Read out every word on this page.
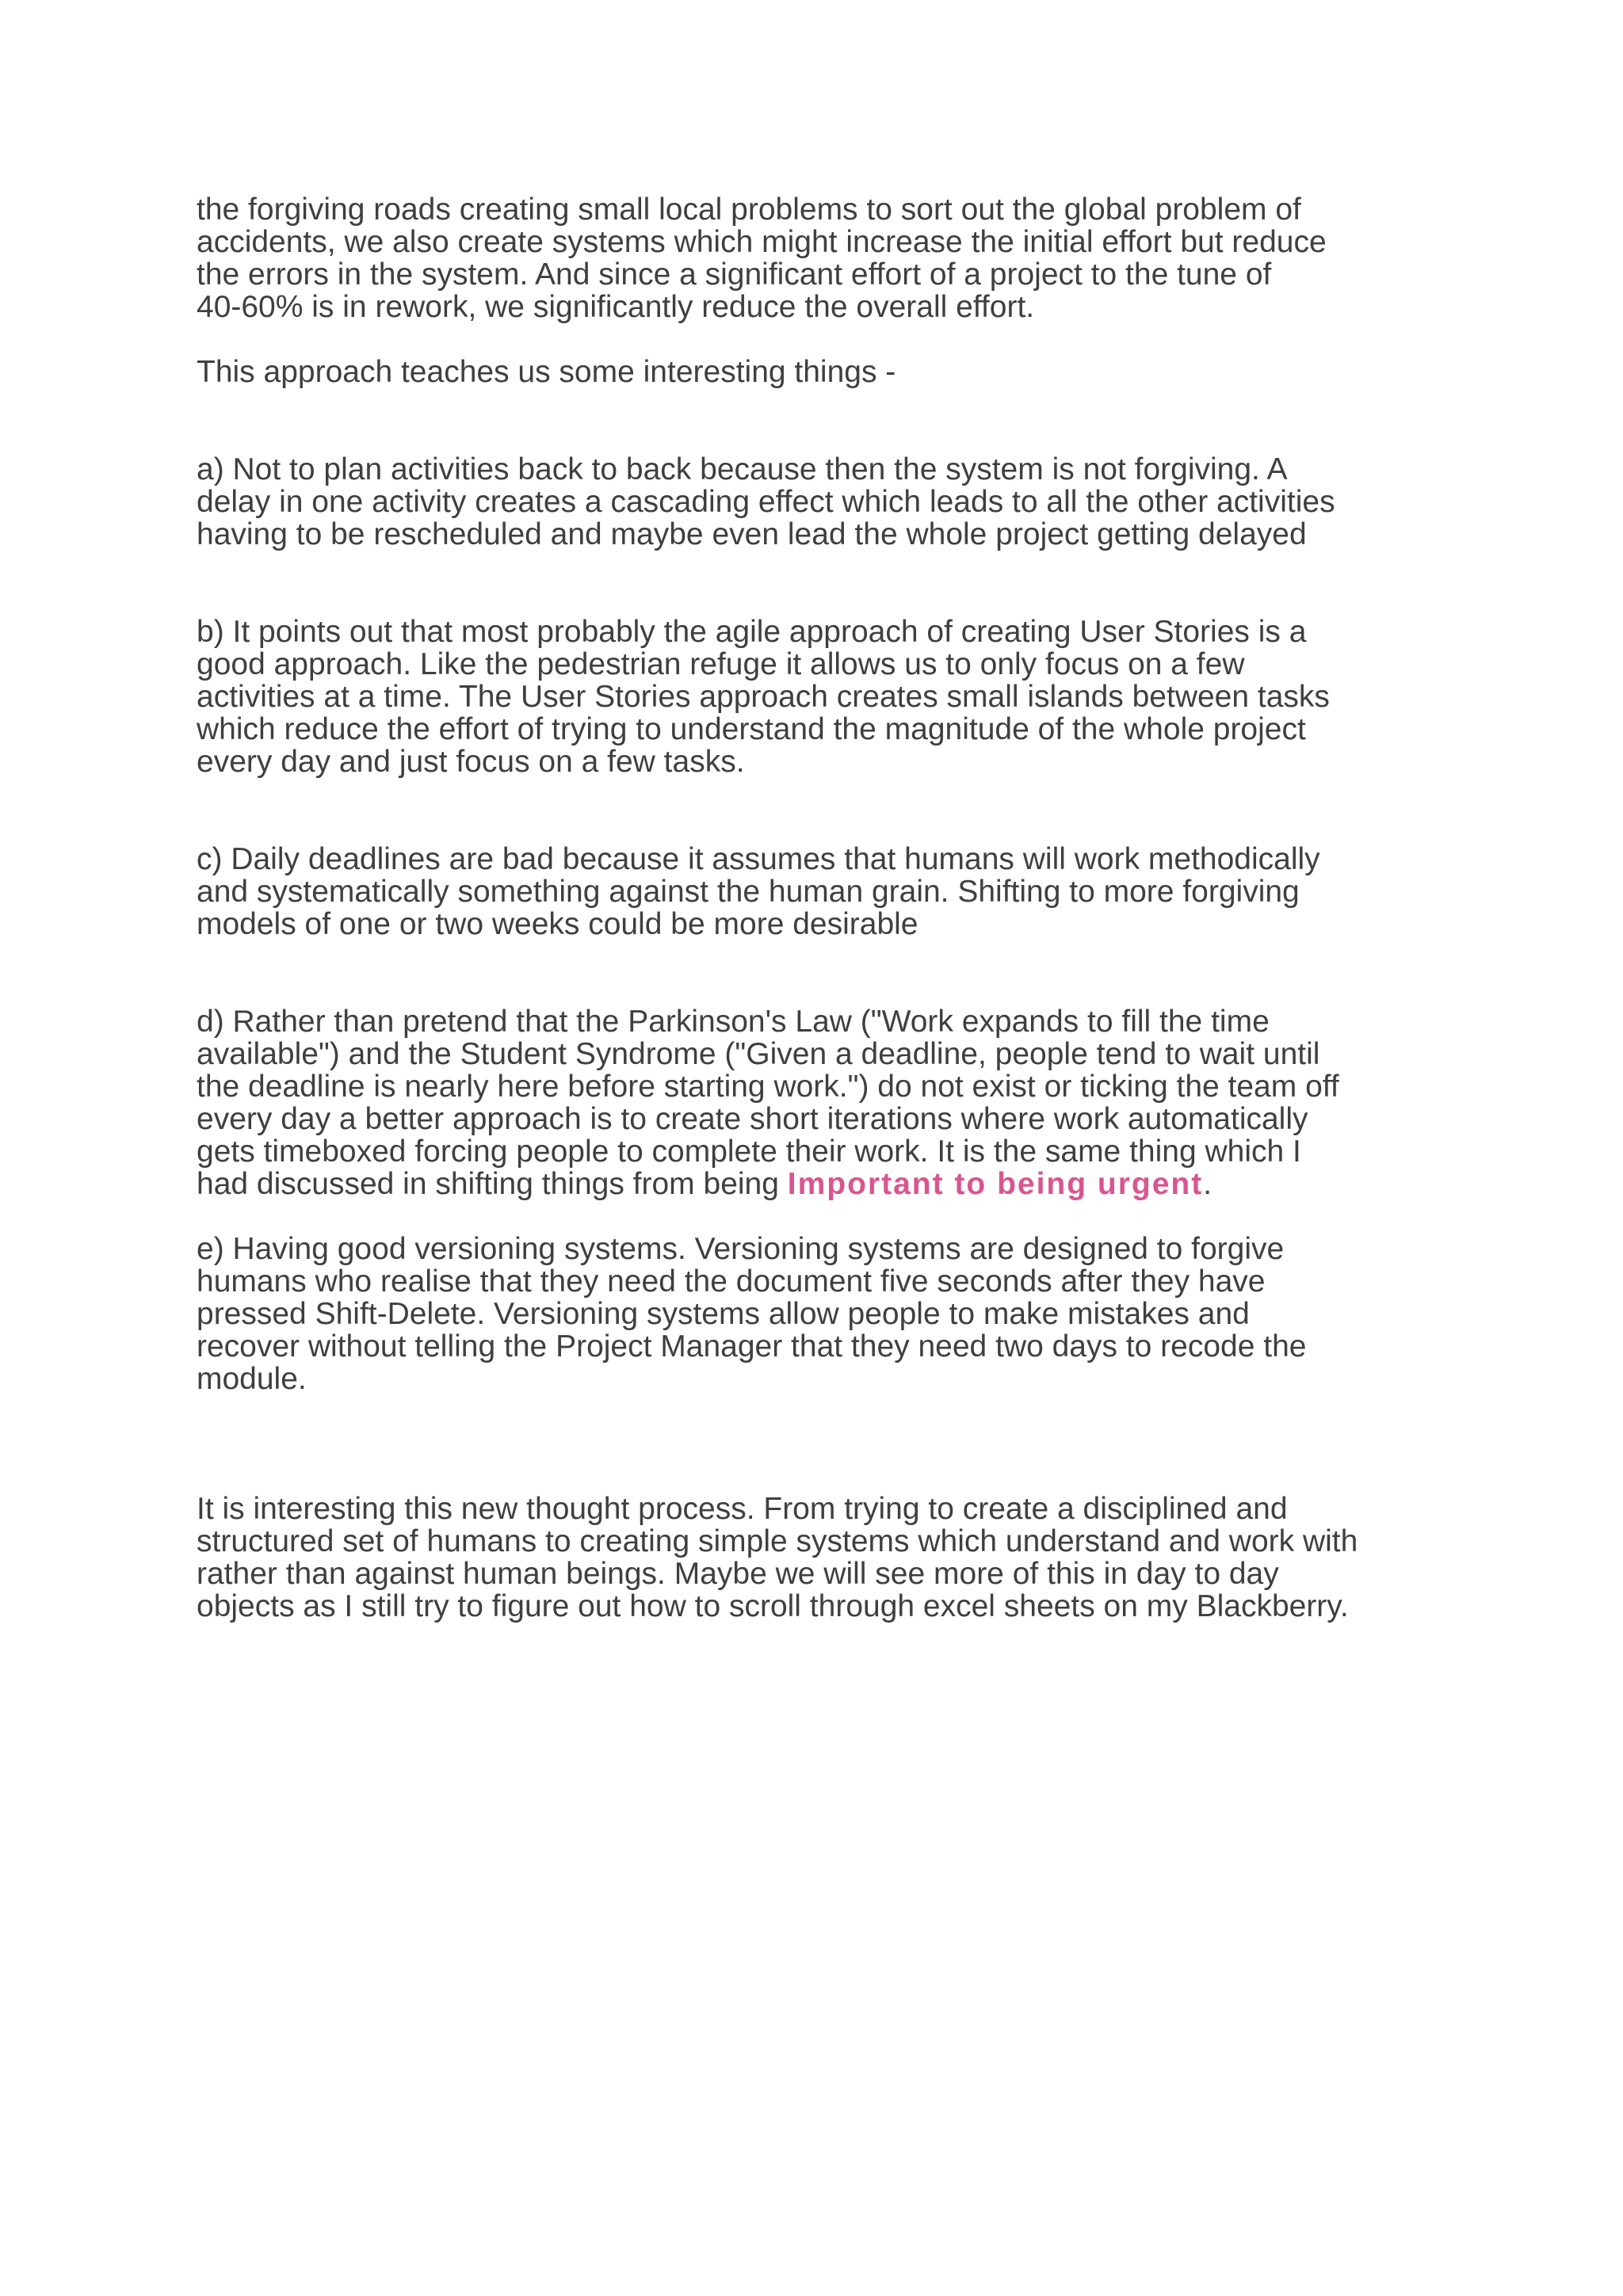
the forgiving roads creating small local problems to sort out the global problem of
accidents, we also create systems which might increase the initial effort but reduce
the errors in the system. And since a significant effort of a project to the tune of
40-60% is in rework, we significantly reduce the overall effort.

This approach teaches us some interesting things -

a) Not to plan activities back to back because then the system is not forgiving. A
delay in one activity creates a cascading effect which leads to all the other activities
having to be rescheduled and maybe even lead the whole project getting delayed

b) It points out that most probably the agile approach of creating User Stories is a
good approach. Like the pedestrian refuge it allows us to only focus on a few
activities at a time. The User Stories approach creates small islands between tasks
which reduce the effort of trying to understand the magnitude of the whole project
every day and just focus on a few tasks.

c) Daily deadlines are bad because it assumes that humans will work methodically
and systematically something against the human grain. Shifting to more forgiving
models of one or two weeks could be more desirable

d) Rather than pretend that the Parkinson's Law ("Work expands to fill the time
available") and the Student Syndrome ("Given a deadline, people tend to wait until
the deadline is nearly here before starting work.") do not exist or ticking the team off
every day a better approach is to create short iterations where work automatically
gets timeboxed forcing people to complete their work. It is the same thing which I
had discussed in shifting things from being Important to being urgent.

e) Having good versioning systems. Versioning systems are designed to forgive
humans who realise that they need the document five seconds after they have
pressed Shift-Delete. Versioning systems allow people to make mistakes and
recover without telling the Project Manager that they need two days to recode the
module.

It is interesting this new thought process. From trying to create a disciplined and
structured set of humans to creating simple systems which understand and work with
rather than against human beings. Maybe we will see more of this in day to day
objects as I still try to figure out how to scroll through excel sheets on my Blackberry.
